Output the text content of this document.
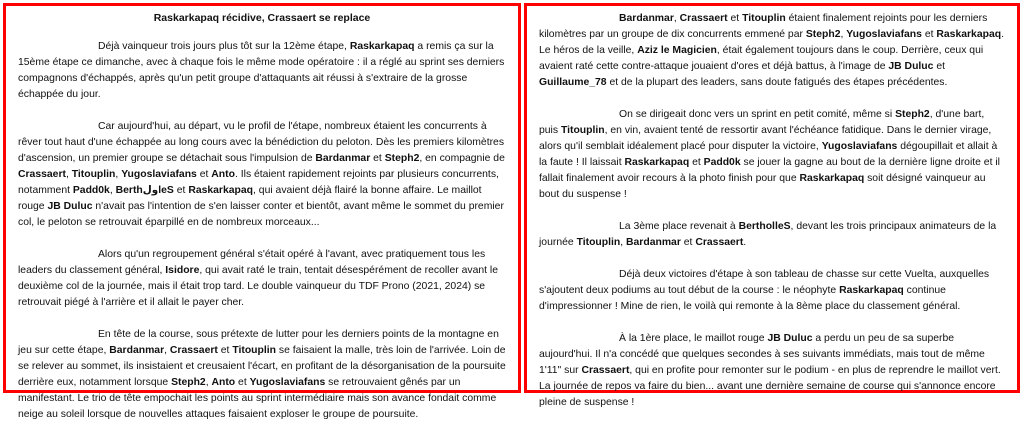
Raskarkapaq récidive, Crassaert se replace

Déjà vainqueur trois jours plus tôt sur la 12ème étape, Raskarkapaq a remis ça sur la 15ème étape ce dimanche, avec à chaque fois le même mode opératoire : il a réglé au sprint ses derniers compagnons d'échappés, après qu'un petit groupe d'attaquants ait réussi à s'extraire de la grosse échappée du jour.

Car aujourd'hui, au départ, vu le profil de l'étape, nombreux étaient les concurrents à rêver tout haut d'une échappée au long cours avec la bénédiction du peloton. Dès les premiers kilomètres d'ascension, un premier groupe se détachait sous l'impulsion de Bardanmar et Steph2, en compagnie de Crassaert, Titouplin, Yugoslaviafans et Anto. Ils étaient rapidement rejoints par plusieurs concurrents, notamment Padd0k, BerthولleS et Raskarkapaq, qui avaient déjà flairé la bonne affaire. Le maillot rouge JB Duluc n'avait pas l'intention de s'en laisser conter et bientôt, avant même le sommet du premier col, le peloton se retrouvait éparpillé en de nombreux morceaux...

Alors qu'un regroupement général s'était opéré à l'avant, avec pratiquement tous les leaders du classement général, Isidore, qui avait raté le train, tentait désespérément de recoller avant le deuxième col de la journée, mais il était trop tard. Le double vainqueur du TDF Prono (2021, 2024) se retrouvait piégé à l'arrière et il allait le payer cher.

En tête de la course, sous prétexte de lutter pour les derniers points de la montagne en jeu sur cette étape, Bardanmar, Crassaert et Titouplin se faisaient la malle, très loin de l'arrivée. Loin de se relever au sommet, ils insistaient et creusaient l'écart, en profitant de la désorganisation de la poursuite derrière eux, notamment lorsque Steph2, Anto et Yugoslaviafans se retrouvaient gênés par un manifestant. Le trio de tête empochait les points au sprint intermédiaire mais son avance fondait comme neige au soleil lorsque de nouvelles attaques faisaient exploser le groupe de poursuite.

Bardanmar, Crassaert et Titouplin étaient finalement rejoints pour les derniers kilomètres par un groupe de dix concurrents emmené par Steph2, Yugoslaviafans et Raskarkapaq. Le héros de la veille, Aziz le Magicien, était également toujours dans le coup. Derrière, ceux qui avaient raté cette contre-attaque jouaient d'ores et déjà battus, à l'image de JB Duluc et Guillaume_78 et de la plupart des leaders, sans doute fatigués des étapes précédentes.

On se dirigeait donc vers un sprint en petit comité, même si Steph2, d'une bart, puis Titouplin, en vin, avaient tenté de ressortir avant l'échéance fatidique. Dans le dernier virage, alors qu'il semblait idéalement placé pour disputer la victoire, Yugoslaviafans dégoupillait et allait à la faute ! Il laissait Raskarkapaq et Padd0k se jouer la gagne au bout de la dernière ligne droite et il fallait finalement avoir recours à la photo finish pour que Raskarkapaq soit désigné vainqueur au bout du suspense !

La 3ème place revenait à BertholleS, devant les trois principaux animateurs de la journée Titouplin, Bardanmar et Crassaert.

Déjà deux victoires d'étape à son tableau de chasse sur cette Vuelta, auxquelles s'ajoutent deux podiums au tout début de la course : le néophyte Raskarkapaq continue d'impressionner ! Mine de rien, le voilà qui remonte à la 8ème place du classement général.

À la 1ère place, le maillot rouge JB Duluc a perdu un peu de sa superbe aujourd'hui. Il n'a concédé que quelques secondes à ses suivants immédiats, mais tout de même 1'11" sur Crassaert, qui en profite pour remonter sur le podium - en plus de reprendre le maillot vert. La journée de repos va faire du bien... avant une dernière semaine de course qui s'annonce encore pleine de suspense !
